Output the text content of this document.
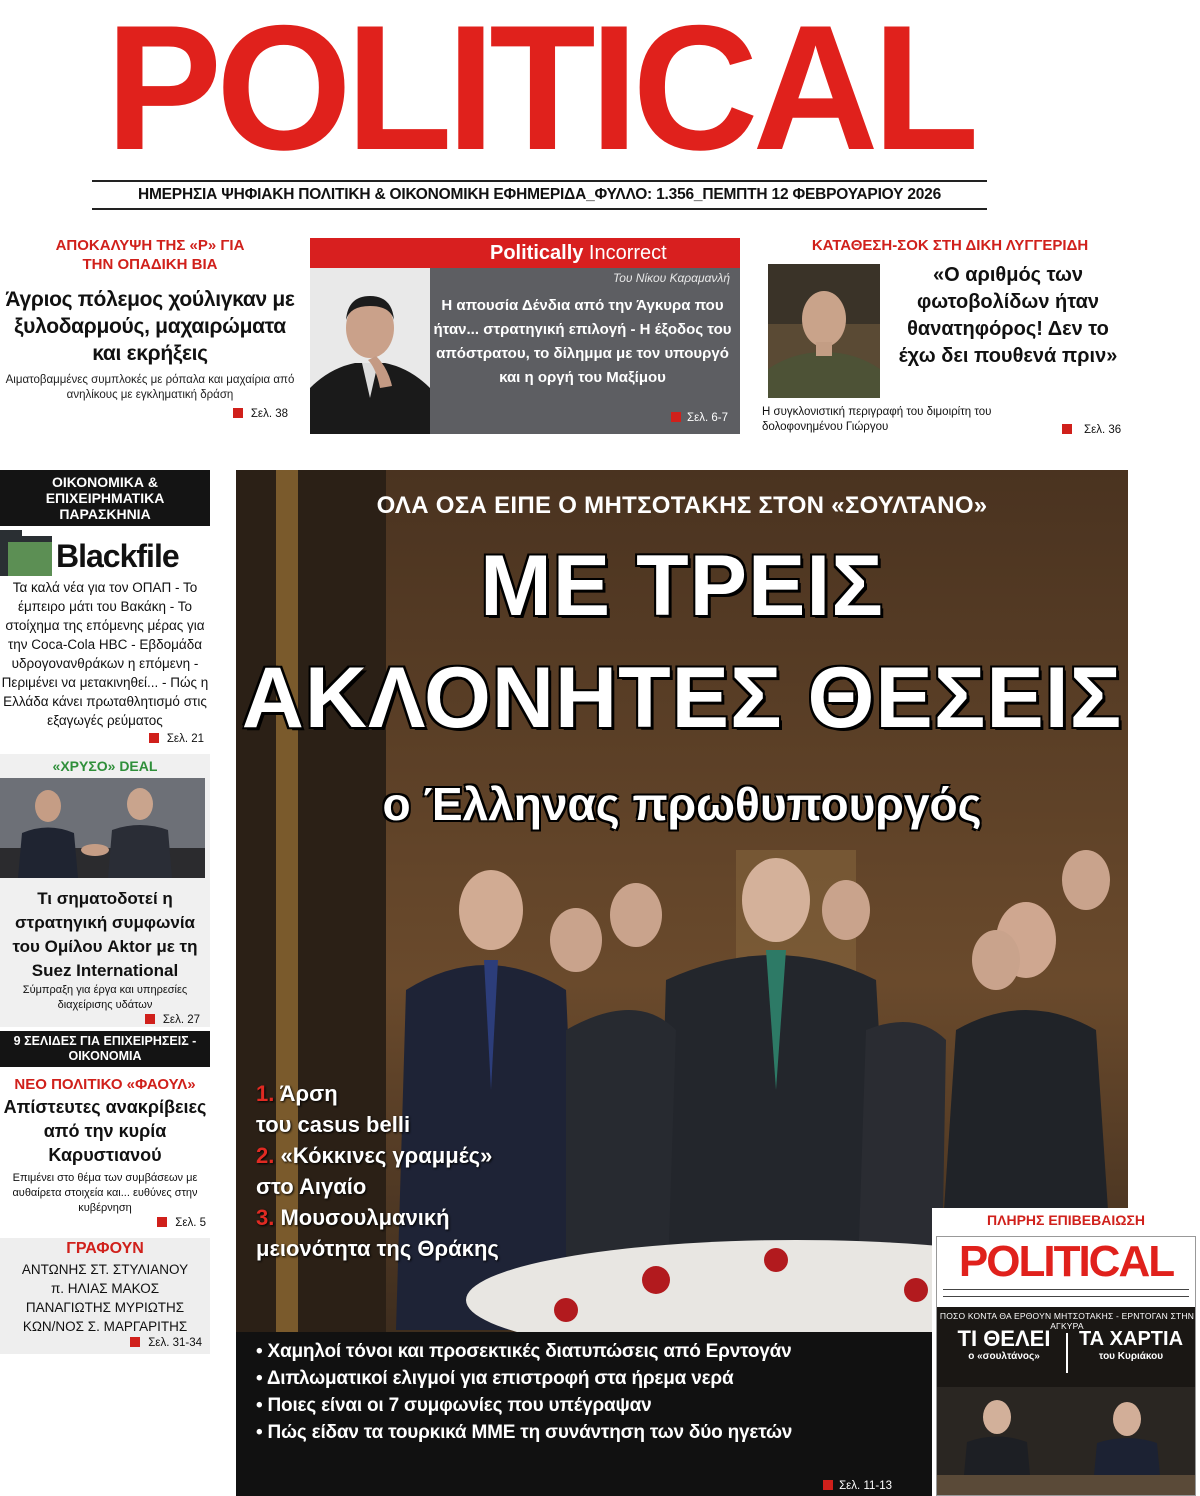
POLITICAL
ΗΜΕΡΗΣΙΑ ΨΗΦΙΑΚΗ ΠΟΛΙΤΙΚΗ & ΟΙΚΟΝΟΜΙΚΗ ΕΦΗΜΕΡΙΔΑ_ΦΥΛΛΟ: 1.356_ΠΕΜΠΤΗ 12 ΦΕΒΡΟΥΑΡΙΟΥ 2026
ΑΠΟΚΑΛΥΨΗ ΤΗΣ «P» ΓΙΑ ΤΗΝ ΟΠΑΔΙΚΗ ΒΙΑ
Άγριος πόλεμος χούλιγκαν με ξυλοδαρμούς, μαχαιρώματα και εκρήξεις
Αιματοβαμμένες συμπλοκές με ρόπαλα και μαχαίρια από ανηλίκους με εγκληματική δράση
Σελ. 38
Politically Incorrect
Του Νίκου Καραμανλή
Η απουσία Δένδια από την Άγκυρα που ήταν... στρατηγική επιλογή - Η έξοδος του απόστρατου, το δίλημμα με τον υπουργό και η οργή του Μαξίμου
Σελ. 6-7
ΚΑΤΑΘΕΣΗ-ΣΟΚ ΣΤΗ ΔΙΚΗ ΛΥΓΓΕΡΙΔΗ
«Ο αριθμός των φωτοβολίδων ήταν θανατηφόρος! Δεν το έχω δει πουθενά πριν»
Η συγκλονιστική περιγραφή του διμοιρίτη του δολοφονημένου Γιώργου	Σελ. 36
ΟΙΚΟΝΟΜΙΚΑ & ΕΠΙΧΕΙΡΗΜΑΤΙΚΑ ΠΑΡΑΣΚΗΝΙΑ
Blackfile
Τα καλά νέα για τον ΟΠΑΠ - Το έμπειρο μάτι του Βακάκη - Το στοίχημα της επόμενης μέρας για την Coca-Cola HBC - Εβδομάδα υδρογονανθράκων η επόμενη - Περιμένει να μετακινηθεί... - Πώς η Ελλάδα κάνει πρωταθλητισμό στις εξαγωγές ρεύματος
Σελ. 21
«ΧΡΥΣΟ» DEAL
Τι σηματοδοτεί η στρατηγική συμφωνία του Ομίλου Aktor με τη Suez International
Σύμπραξη για έργα και υπηρεσίες διαχείρισης υδάτων
Σελ. 27
9 ΣΕΛΙΔΕΣ ΓΙΑ ΕΠΙΧΕΙΡΗΣΕΙΣ - ΟΙΚΟΝΟΜΙΑ
ΝΕΟ ΠΟΛΙΤΙΚΟ «ΦΑΟΥΛ»
Απίστευτες ανακρίβειες από την κυρία Καρυστιανού
Επιμένει στο θέμα των συμβάσεων με αυθαίρετα στοιχεία και... ευθύνες στην κυβέρνηση
Σελ. 5
ΓΡΑΦΟΥΝ
ΑΝΤΩΝΗΣ ΣΤ. ΣΤΥΛΙΑΝΟΥ
π. ΗΛΙΑΣ ΜΑΚΟΣ
ΠΑΝΑΓΙΩΤΗΣ ΜΥΡΙΩΤΗΣ
ΚΩΝ/ΝΟΣ Σ. ΜΑΡΓΑΡΙΤΗΣ
Σελ. 31-34
ΟΛΑ ΟΣΑ ΕΙΠΕ Ο ΜΗΤΣΟΤΑΚΗΣ ΣΤΟΝ «ΣΟΥΛΤΑΝΟ»
ΜΕ ΤΡΕΙΣ
ΑΚΛΟΝΗΤΕΣ ΘΕΣΕΙΣ
ο Έλληνας πρωθυπουργός
1. Άρση
του casus belli
2. «Κόκκινες γραμμές»
στο Αιγαίο
3. Μουσουλμανική
μειονότητα της Θράκης
• Χαμηλοί τόνοι και προσεκτικές διατυπώσεις από Ερντογάν
• Διπλωματικοί ελιγμοί για επιστροφή στα ήρεμα νερά
• Ποιες είναι οι 7 συμφωνίες που υπέγραψαν
• Πώς είδαν τα τουρκικά ΜΜΕ τη συνάντηση των δύο ηγετών
Σελ. 11-13
ΠΛΗΡΗΣ ΕΠΙΒΕΒΑΙΩΣΗ
POLITICAL
ΠΟΣΟ ΚΟΝΤΑ ΘΑ ΕΡΘΟΥΝ ΜΗΤΣΟΤΑΚΗΣ - ΕΡΝΤΟΓΑΝ ΣΤΗΝ ΑΓΚΥΡΑ
ΤΙ ΘΕΛΕΙ
ο «σουλτάνος»
ΤΑ ΧΑΡΤΙΑ
του Κυριάκου
